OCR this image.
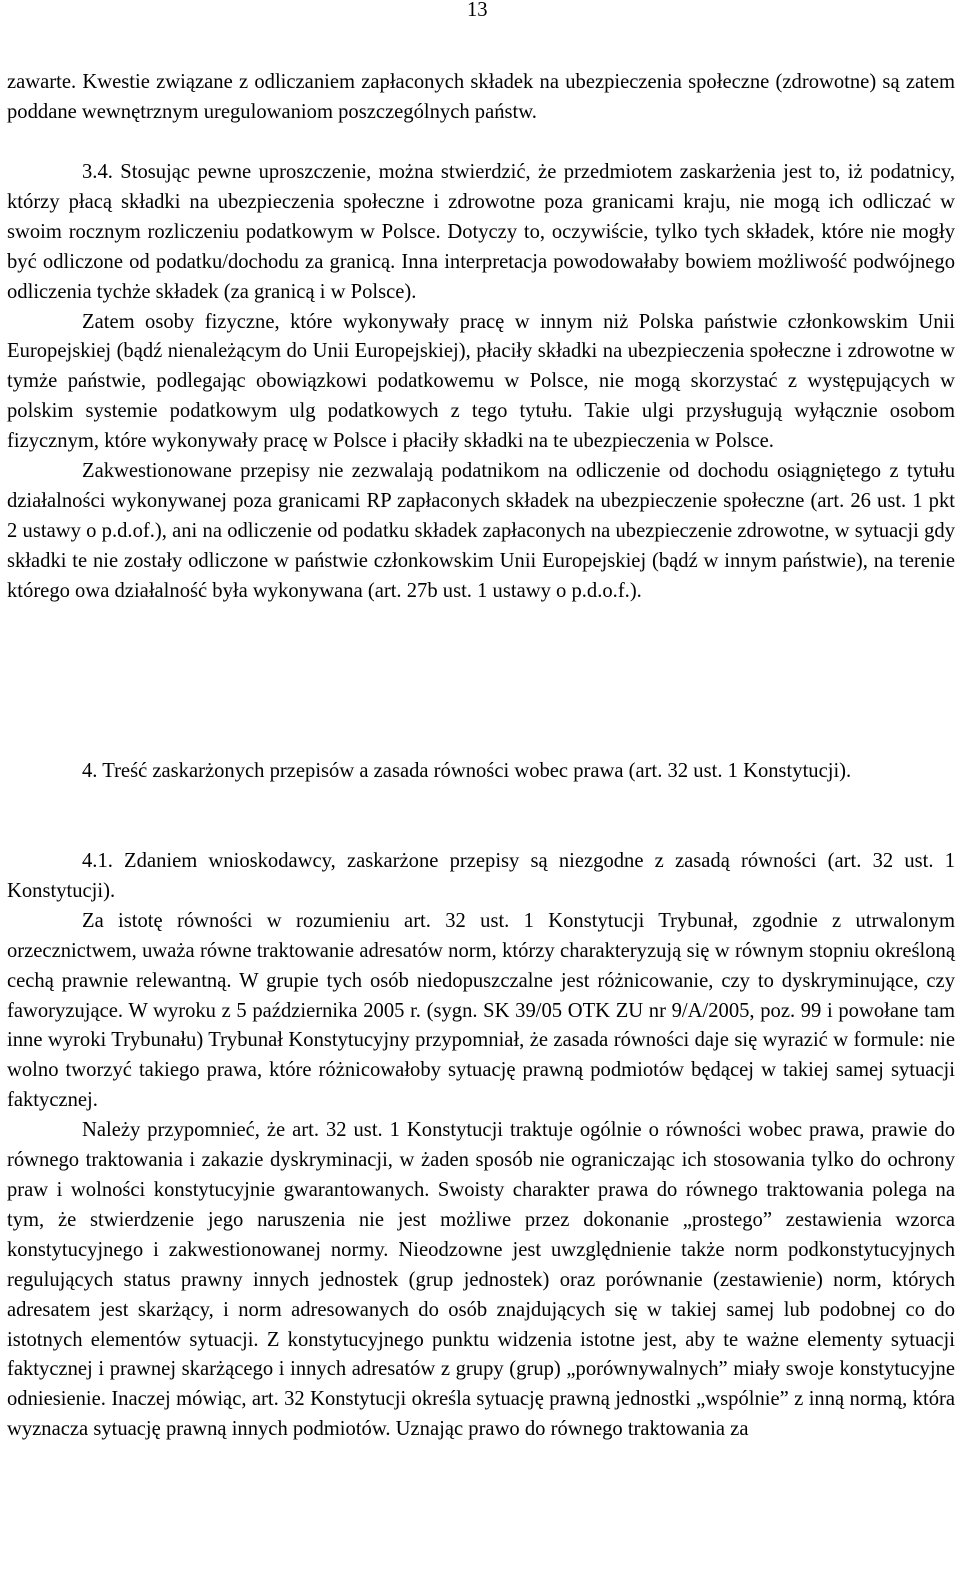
13

zawarte. Kwestie związane z odliczaniem zapłaconych składek na ubezpieczenia społeczne (zdrowotne) są zatem poddane wewnętrznym uregulowaniom poszczególnych państw.

3.4. Stosując pewne uproszczenie, można stwierdzić, że przedmiotem zaskarżenia jest to, iż podatnicy, którzy płacą składki na ubezpieczenia społeczne i zdrowotne poza granicami kraju, nie mogą ich odliczać w swoim rocznym rozliczeniu podatkowym w Polsce. Dotyczy to, oczywiście, tylko tych składek, które nie mogły być odliczone od podatku/dochodu za granicą. Inna interpretacja powodowałaby bowiem możliwość podwójnego odliczenia tychże składek (za granicą i w Polsce).

Zatem osoby fizyczne, które wykonywały pracę w innym niż Polska państwie członkowskim Unii Europejskiej (bądź nienależącym do Unii Europejskiej), płaciły składki na ubezpieczenia społeczne i zdrowotne w tymże państwie, podlegając obowiązkowi podatkowemu w Polsce, nie mogą skorzystać z występujących w polskim systemie podatkowym ulg podatkowych z tego tytułu. Takie ulgi przysługują wyłącznie osobom fizycznym, które wykonywały pracę w Polsce i płaciły składki na te ubezpieczenia w Polsce.

Zakwestionowane przepisy nie zezwalają podatnikom na odliczenie od dochodu osiągniętego z tytułu działalności wykonywanej poza granicami RP zapłaconych składek na ubezpieczenie społeczne (art. 26 ust. 1 pkt 2 ustawy o p.d.of.), ani na odliczenie od podatku składek zapłaconych na ubezpieczenie zdrowotne, w sytuacji gdy składki te nie zostały odliczone w państwie członkowskim Unii Europejskiej (bądź w innym państwie), na terenie którego owa działalność była wykonywana (art. 27b ust. 1 ustawy o p.d.o.f.).

4. Treść zaskarżonych przepisów a zasada równości wobec prawa (art. 32 ust. 1 Konstytucji).

4.1. Zdaniem wnioskodawcy, zaskarżone przepisy są niezgodne z zasadą równości (art. 32 ust. 1 Konstytucji).

Za istotę równości w rozumieniu art. 32 ust. 1 Konstytucji Trybunał, zgodnie z utrwalonym orzecznictwem, uważa równe traktowanie adresatów norm, którzy charakteryzują się w równym stopniu określoną cechą prawnie relewantną. W grupie tych osób niedopuszczalne jest różnicowanie, czy to dyskryminujące, czy faworyzujące. W wyroku z 5 października 2005 r. (sygn. SK 39/05 OTK ZU nr 9/A/2005, poz. 99 i powołane tam inne wyroki Trybunału) Trybunał Konstytucyjny przypomniał, że zasada równości daje się wyrazić w formule: nie wolno tworzyć takiego prawa, które różnicowałoby sytuację prawną podmiotów będącej w takiej samej sytuacji faktycznej.

Należy przypomnieć, że art. 32 ust. 1 Konstytucji traktuje ogólnie o równości wobec prawa, prawie do równego traktowania i zakazie dyskryminacji, w żaden sposób nie ograniczając ich stosowania tylko do ochrony praw i wolności konstytucyjnie gwarantowanych. Swoisty charakter prawa do równego traktowania polega na tym, że stwierdzenie jego naruszenia nie jest możliwe przez dokonanie „prostego” zestawienia wzorca konstytucyjnego i zakwestionowanej normy. Nieodzowne jest uwzględnienie także norm podkonstytucyjnych regulujących status prawny innych jednostek (grup jednostek) oraz porównanie (zestawienie) norm, których adresatem jest skarżący, i norm adresowanych do osób znajdujących się w takiej samej lub podobnej co do istotnych elementów sytuacji. Z konstytucyjnego punktu widzenia istotne jest, aby te ważne elementy sytuacji faktycznej i prawnej skarżącego i innych adresatów z grupy (grup) „porównywalnych” miały swoje konstytucyjne odniesienie. Inaczej mówiąc, art. 32 Konstytucji określa sytuację prawną jednostki „wspólnie” z inną normą, która wyznacza sytuację prawną innych podmiotów. Uznając prawo do równego traktowania za
